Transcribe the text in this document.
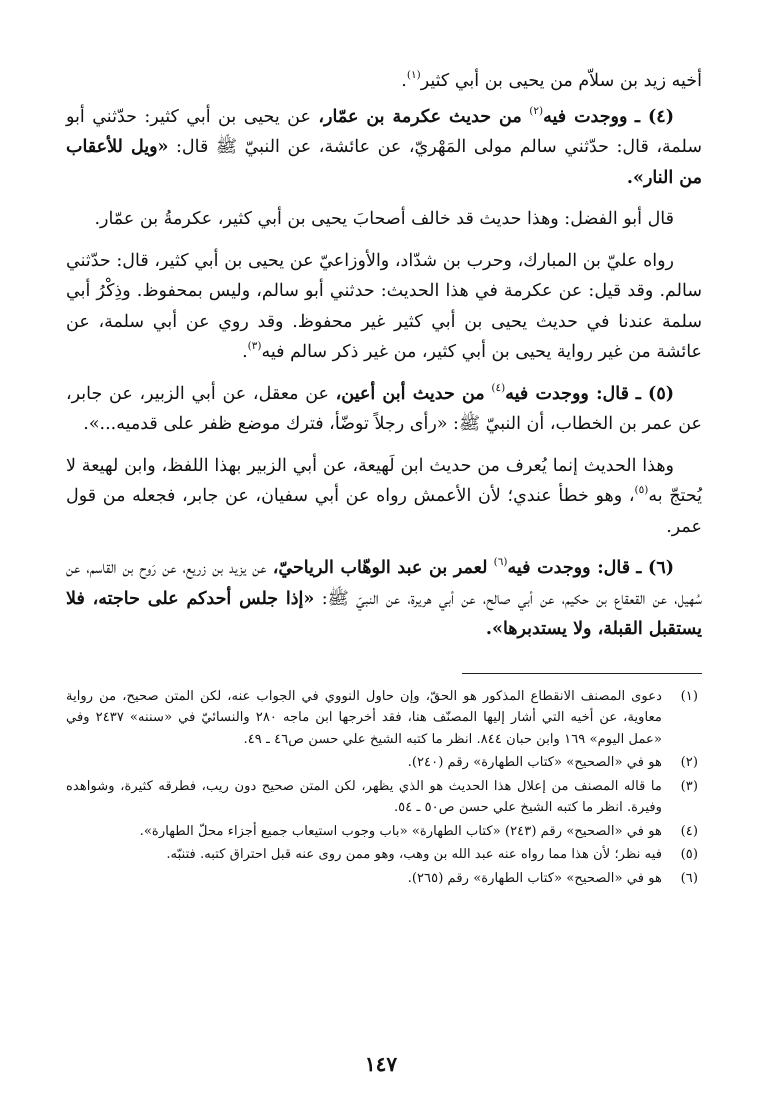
أخيه زيد بن سلاّم من يحيى بن أبي كثير$^{(١)}$.

(٤) ـ ووجدت فيه$^{(٢)}$ من حديث عكرمة بن عمّار، عن يحيى بن أبي كثير: حدّثني أبو سلمة، قال: حدّثني سالم مولى المَهْريّ، عن عائشة، عن النبيّ ﷺ قال: «ويل للأعقاب من النار».

قال أبو الفضل: وهذا حديث قد خالف أصحابَ يحيى بن أبي كثير، عكرمةُ بن عمّار.

رواه عليّ بن المبارك، وحرب بن شدّاد، والأوزاعيّ عن يحيى بن أبي كثير، قال: حدّثني سالم. وقد قيل: عن عكرمة في هذا الحديث: حدثني أبو سالم، وليس بمحفوظ. وذِكْرُ أبي سلمة عندنا في حديث يحيى بن أبي كثير غير محفوظ. وقد روي عن أبي سلمة، عن عائشة من غير رواية يحيى بن أبي كثير، من غير ذكر سالم فيه$^{(٣)}$.

(٥) ـ قال: ووجدت فيه$^{(٤)}$ من حديث أبن أعين، عن معقل، عن أبي الزبير، عن جابر، عن عمر بن الخطاب، أن النبيّ ﷺ: «رأى رجلاً توضّأ، فترك موضع ظفر على قدميه...».

وهذا الحديث إنما يُعرف من حديث ابن لَهيعة، عن أبي الزبير بهذا اللفظ، وابن لهيعة لا يُحتجّ به$^{(٥)}$، وهو خطأ عندي؛ لأن الأعمش رواه عن أبي سفيان، عن جابر، فجعله من قول عمر.

(٦) ـ قال: ووجدت فيه$^{(٦)}$ لعمر بن عبد الوهّاب الرياحيّ، عن يزيد بن زريع، عن رَوح بن القاسم، عن سُهيل، عن القعقاع بن حكيم، عن أبي صالح، عن أبي هريرة، عن النبيّ ﷺ: «إذا جلس أحدكم على حاجته، فلا يستقبل القبلة، ولا يستدبرها».

(١)
دعوى المصنف الانقطاع المذكور هو الحقّ، وإن حاول النووي في الجواب عنه، لكن المتن صحيح، من رواية معاوية، عن أخيه التي أشار إليها المصنّف هنا، فقد أخرجها ابن ماجه ٢٨٠ والنسائيّ في «سننه» ٢٤٣٧ وفي «عمل اليوم» ١٦٩ وابن حبان ٨٤٤. انظر ما كتبه الشيخ علي حسن ص٤٦ ـ ٤٩.
(٢)
هو في «الصحيح» «كتاب الطهارة» رقم (٢٤٠).
(٣)
ما قاله المصنف من إعلال هذا الحديث هو الذي يظهر، لكن المتن صحيح دون ريب، فطرقه كثيرة، وشواهده وفيرة. انظر ما كتبه الشيخ علي حسن ص٥٠ ـ ٥٤.
(٤)
هو في «الصحيح» رقم (٢٤٣) «كتاب الطهارة» «باب وجوب استيعاب جميع أجزاء محلّ الطهارة».
(٥)
فيه نظر؛ لأن هذا مما رواه عنه عبد الله بن وهب، وهو ممن روى عنه قبل احتراق كتبه. فتنبّه.
(٦)
هو في «الصحيح» «كتاب الطهارة» رقم (٢٦٥).
١٤٧
